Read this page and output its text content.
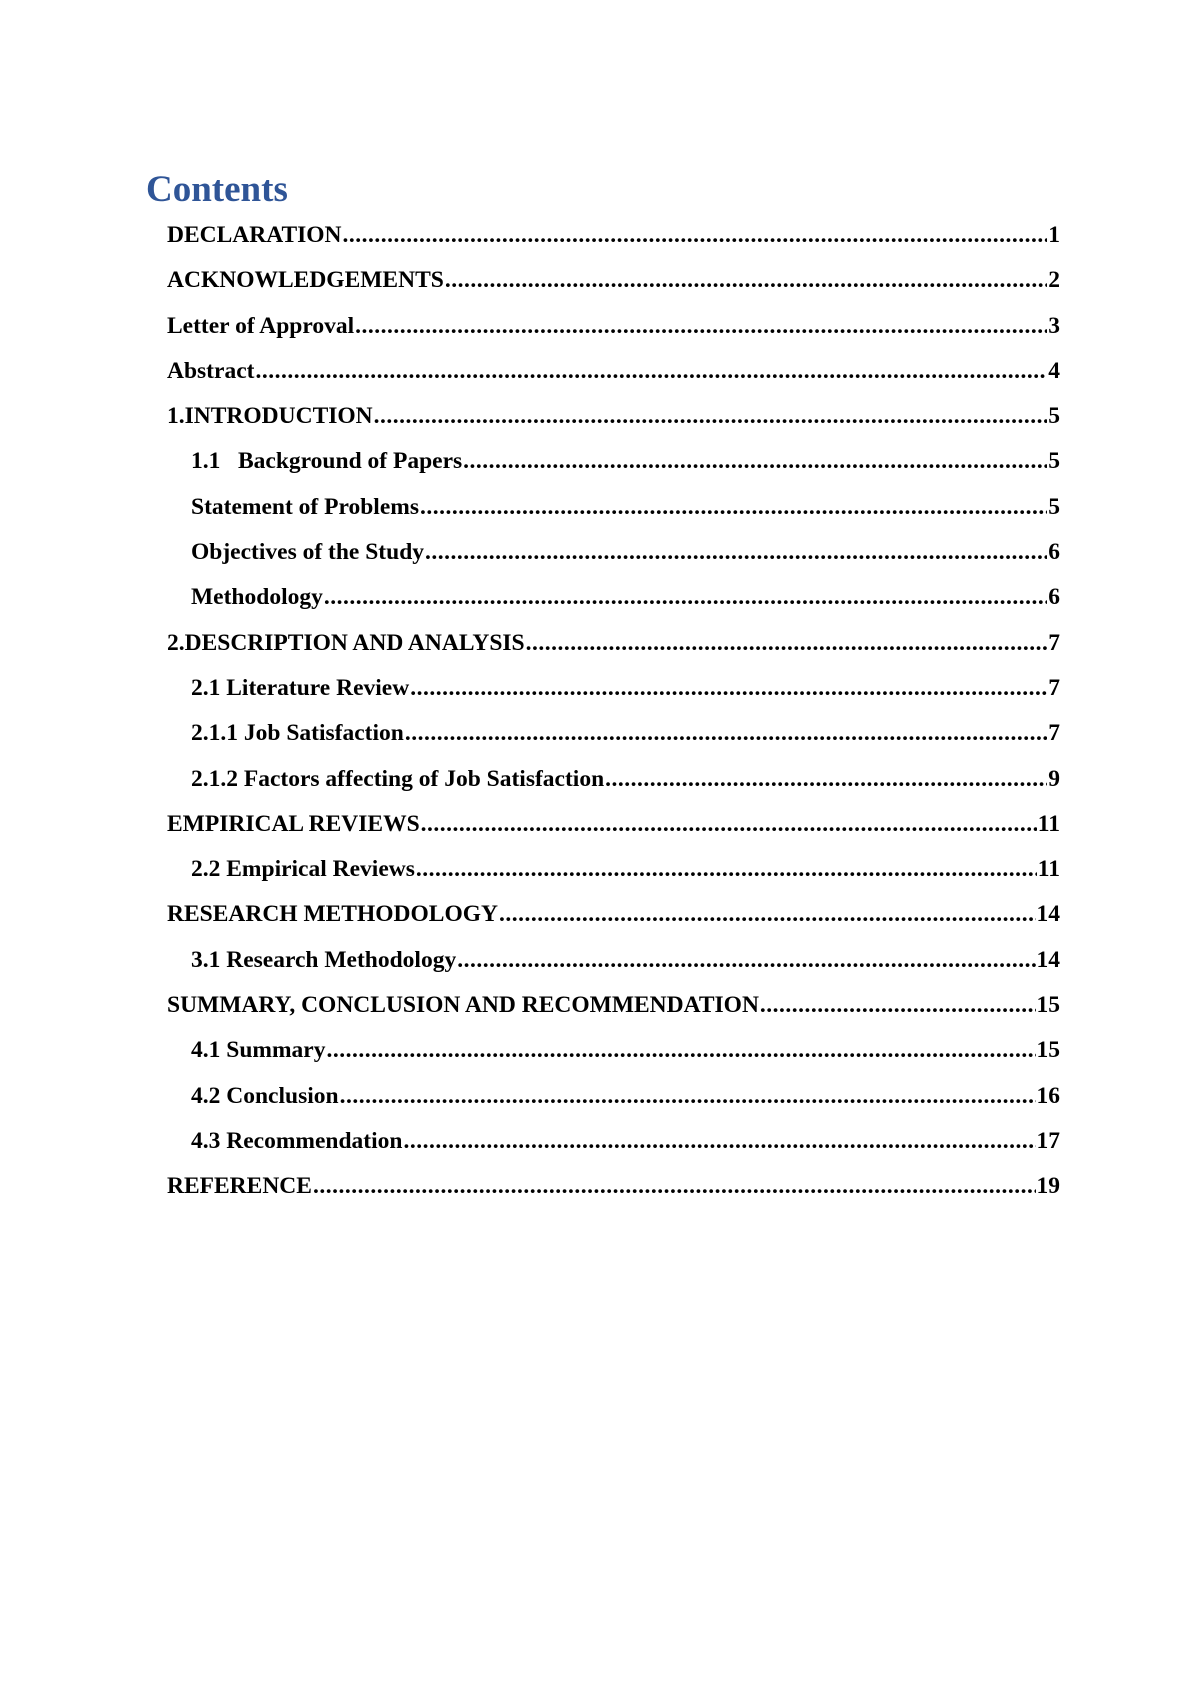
Contents
DECLARATION .....	1
ACKNOWLEDGEMENTS .....	2
Letter of Approval .....	3
Abstract .....	4
1.INTRODUCTION .....	5
1.1   Background of Papers .....	5
Statement of Problems .....	5
Objectives of the Study .....	6
Methodology .....	6
2.DESCRIPTION AND ANALYSIS .....	7
2.1 Literature Review .....	7
2.1.1 Job Satisfaction .....	7
2.1.2 Factors affecting of Job Satisfaction .....	9
EMPIRICAL REVIEWS .....	11
2.2 Empirical Reviews .....	11
RESEARCH METHODOLOGY .....	14
3.1 Research Methodology .....	14
SUMMARY, CONCLUSION AND RECOMMENDATION .....	15
4.1 Summary .....	15
4.2 Conclusion .....	16
4.3 Recommendation .....	17
REFERENCE .....	19
